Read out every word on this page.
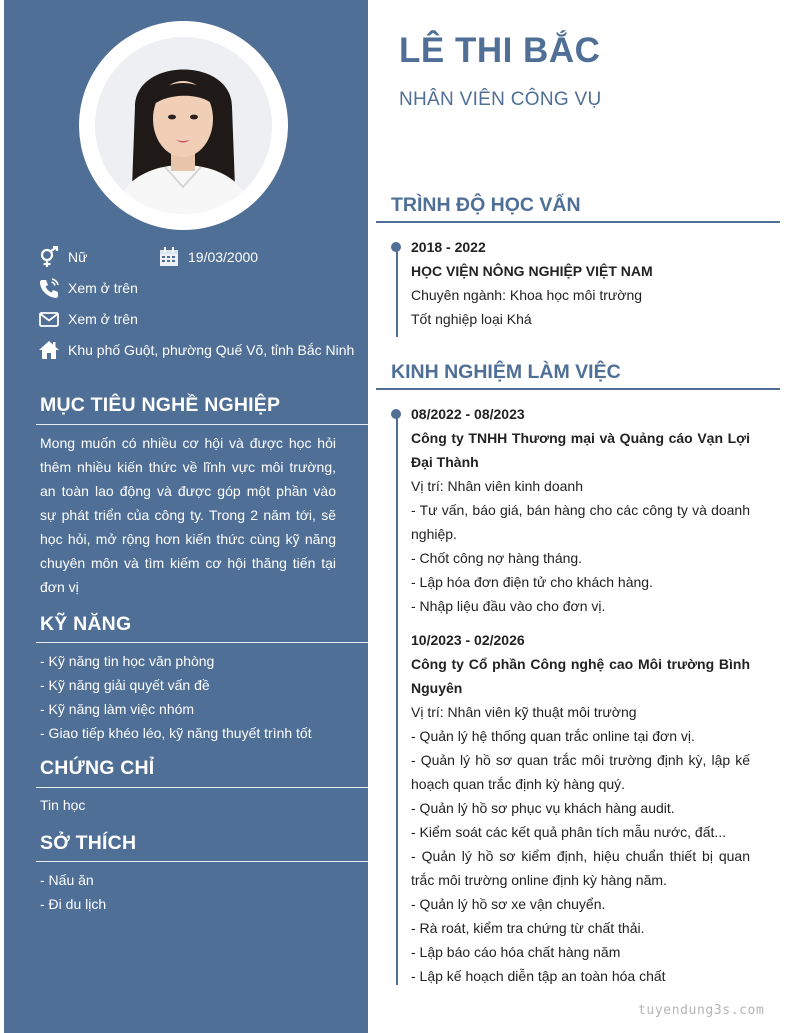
Nữ	19/03/2000
Xem ở trên
Xem ở trên
Khu phố Guột, phường Quế Võ, tỉnh Bắc Ninh
MỤC TIÊU NGHỀ NGHIỆP
Mong muốn có nhiều cơ hội và được học hỏi thêm nhiều kiến thức về lĩnh vực môi trường, an toàn lao động và được góp một phần vào sự phát triển của công ty. Trong 2 năm tới, sẽ học hỏi, mở rộng hơn kiến thức cùng kỹ năng chuyên môn và tìm kiếm cơ hội thăng tiến tại đơn vị
KỸ NĂNG
- Kỹ năng tin học văn phòng
- Kỹ năng giải quyết vấn đề
- Kỹ năng làm việc nhóm
- Giao tiếp khéo léo, kỹ năng thuyết trình tốt
CHỨNG CHỈ
Tin học
SỞ THÍCH
- Nấu ăn
- Đi du lịch
LÊ THI BẮC
NHÂN VIÊN CÔNG VỤ
TRÌNH ĐỘ HỌC VẤN
2018 - 2022
HỌC VIỆN NÔNG NGHIỆP VIỆT NAM
Chuyên ngành: Khoa học môi trường
Tốt nghiệp loại Khá
KINH NGHIỆM LÀM VIỆC
08/2022 - 08/2023
Công ty TNHH Thương mại và Quảng cáo Vạn Lợi Đại Thành
Vị trí: Nhân viên kinh doanh
- Tư vấn, báo giá, bán hàng cho các công ty và doanh nghiệp.
- Chốt công nợ hàng tháng.
- Lập hóa đơn điện tử cho khách hàng.
- Nhập liệu đầu vào cho đơn vị.
10/2023 - 02/2026
Công ty Cổ phần Công nghệ cao Môi trường Bình Nguyên
Vị trí: Nhân viên kỹ thuật môi trường
- Quản lý hệ thống quan trắc online tại đơn vị.
- Quản lý hồ sơ quan trắc môi trường định kỳ, lập kế hoạch quan trắc định kỳ hàng quý.
- Quản lý hồ sơ phục vụ khách hàng audit.
- Kiểm soát các kết quả phân tích mẫu nước, đất...
- Quản lý hồ sơ kiểm định, hiệu chuẩn thiết bị quan trắc môi trường online định kỳ hàng năm.
- Quản lý hồ sơ xe vận chuyển.
- Rà roát, kiểm tra chứng từ chất thải.
- Lập báo cáo hóa chất hàng năm
- Lập kế hoạch diễn tập an toàn hóa chất
tuyendung3s.com
